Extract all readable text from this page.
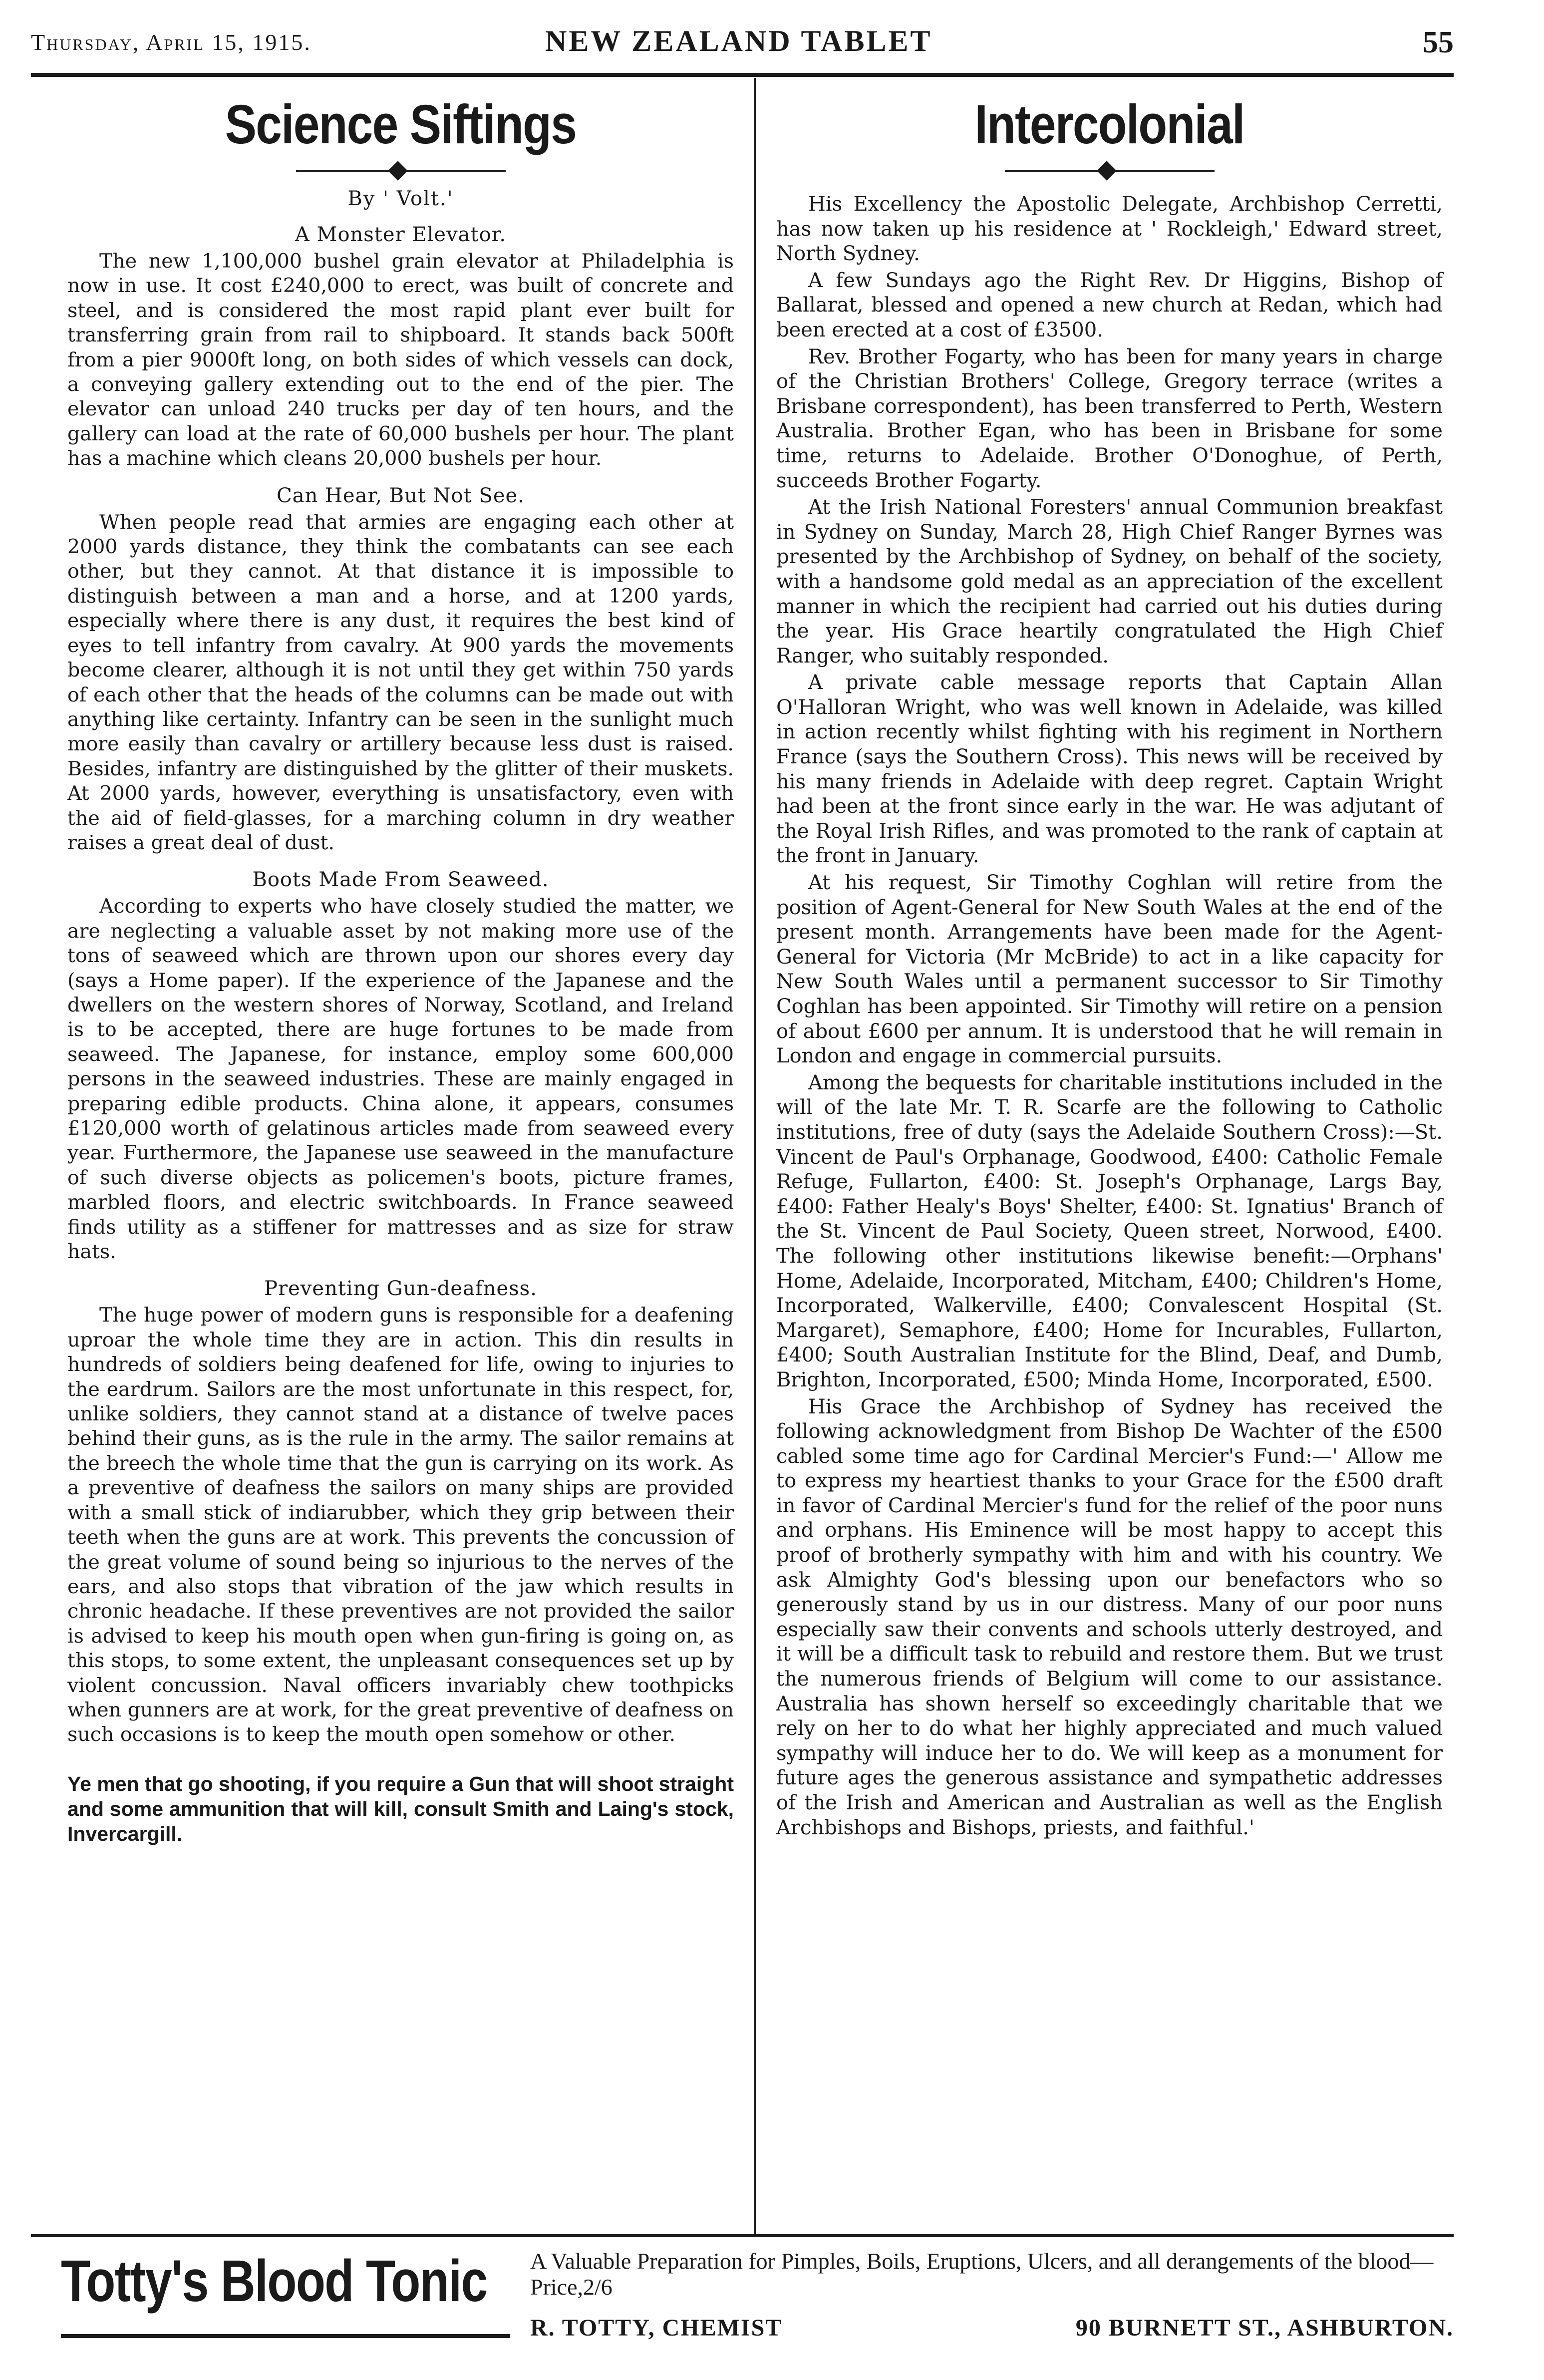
Thursday, April 15, 1915.	NEW ZEALAND TABLET	55
Science Siftings
By ' Volt.'
A Monster Elevator.

The new 1,100,000 bushel grain elevator at Philadelphia is now in use. It cost £240,000 to erect, was built of concrete and steel, and is considered the most rapid plant ever built for transferring grain from rail to shipboard. It stands back 500ft from a pier 9000ft long, on both sides of which vessels can dock, a conveying gallery extending out to the end of the pier. The elevator can unload 240 trucks per day of ten hours, and the gallery can load at the rate of 60,000 bushels per hour. The plant has a machine which cleans 20,000 bushels per hour.

Can Hear, But Not See.

When people read that armies are engaging each other at 2000 yards distance, they think the combatants can see each other, but they cannot. At that distance it is impossible to distinguish between a man and a horse, and at 1200 yards, especially where there is any dust, it requires the best kind of eyes to tell infantry from cavalry. At 900 yards the movements become clearer, although it is not until they get within 750 yards of each other that the heads of the columns can be made out with anything like certainty. Infantry can be seen in the sunlight much more easily than cavalry or artillery because less dust is raised. Besides, infantry are distinguished by the glitter of their muskets. At 2000 yards, however, everything is unsatisfactory, even with the aid of field-glasses, for a marching column in dry weather raises a great deal of dust.

Boots Made From Seaweed.

According to experts who have closely studied the matter, we are neglecting a valuable asset by not making more use of the tons of seaweed which are thrown upon our shores every day (says a Home paper). If the experience of the Japanese and the dwellers on the western shores of Norway, Scotland, and Ireland is to be accepted, there are huge fortunes to be made from seaweed. The Japanese, for instance, employ some 600,000 persons in the seaweed industries. These are mainly engaged in preparing edible products. China alone, it appears, consumes £120,000 worth of gelatinous articles made from seaweed every year. Furthermore, the Japanese use seaweed in the manufacture of such diverse objects as policemen's boots, picture frames, marbled floors, and electric switchboards. In France seaweed finds utility as a stiffener for mattresses and as size for straw hats.

Preventing Gun-deafness.

The huge power of modern guns is responsible for a deafening uproar the whole time they are in action. This din results in hundreds of soldiers being deafened for life, owing to injuries to the eardrum. Sailors are the most unfortunate in this respect, for, unlike soldiers, they cannot stand at a distance of twelve paces behind their guns, as is the rule in the army. The sailor remains at the breech the whole time that the gun is carrying on its work. As a preventive of deafness the sailors on many ships are provided with a small stick of indiarubber, which they grip between their teeth when the guns are at work. This prevents the concussion of the great volume of sound being so injurious to the nerves of the ears, and also stops that vibration of the jaw which results in chronic headache. If these preventives are not provided the sailor is advised to keep his mouth open when gun-firing is going on, as this stops, to some extent, the unpleasant consequences set up by violent concussion. Naval officers invariably chew toothpicks when gunners are at work, for the great preventive of deafness on such occasions is to keep the mouth open somehow or other.

Ye men that go shooting, if you require a Gun that will shoot straight and some ammunition that will kill, consult Smith and Laing's stock, Invercargill.
Intercolonial

His Excellency the Apostolic Delegate, Archbishop Cerretti, has now taken up his residence at ' Rockleigh,' Edward street, North Sydney.

A few Sundays ago the Right Rev. Dr Higgins, Bishop of Ballarat, blessed and opened a new church at Redan, which had been erected at a cost of £3500.

Rev. Brother Fogarty, who has been for many years in charge of the Christian Brothers' College, Gregory terrace (writes a Brisbane correspondent), has been transferred to Perth, Western Australia. Brother Egan, who has been in Brisbane for some time, returns to Adelaide. Brother O'Donoghue, of Perth, succeeds Brother Fogarty.

At the Irish National Foresters' annual Communion breakfast in Sydney on Sunday, March 28, High Chief Ranger Byrnes was presented by the Archbishop of Sydney, on behalf of the society, with a handsome gold medal as an appreciation of the excellent manner in which the recipient had carried out his duties during the year. His Grace heartily congratulated the High Chief Ranger, who suitably responded.

A private cable message reports that Captain Allan O'Halloran Wright, who was well known in Adelaide, was killed in action recently whilst fighting with his regiment in Northern France (says the Southern Cross). This news will be received by his many friends in Adelaide with deep regret. Captain Wright had been at the front since early in the war. He was adjutant of the Royal Irish Rifles, and was promoted to the rank of captain at the front in January.

At his request, Sir Timothy Coghlan will retire from the position of Agent-General for New South Wales at the end of the present month. Arrangements have been made for the Agent-General for Victoria (Mr McBride) to act in a like capacity for New South Wales until a permanent successor to Sir Timothy Coghlan has been appointed. Sir Timothy will retire on a pension of about £600 per annum. It is understood that he will remain in London and engage in commercial pursuits.

Among the bequests for charitable institutions included in the will of the late Mr. T. R. Scarfe are the following to Catholic institutions, free of duty (says the Adelaide Southern Cross):—St. Vincent de Paul's Orphanage, Goodwood, £400: Catholic Female Refuge, Fullarton, £400: St. Joseph's Orphanage, Largs Bay, £400: Father Healy's Boys' Shelter, £400: St. Ignatius' Branch of the St. Vincent de Paul Society, Queen street, Norwood, £400. The following other institutions likewise benefit:—Orphans' Home, Adelaide, Incorporated, Mitcham, £400; Children's Home, Incorporated, Walkerville, £400; Convalescent Hospital (St. Margaret), Semaphore, £400; Home for Incurables, Fullarton, £400; South Australian Institute for the Blind, Deaf, and Dumb, Brighton, Incorporated, £500; Minda Home, Incorporated, £500.

His Grace the Archbishop of Sydney has received the following acknowledgment from Bishop De Wachter of the £500 cabled some time ago for Cardinal Mercier's Fund:—' Allow me to express my heartiest thanks to your Grace for the £500 draft in favor of Cardinal Mercier's fund for the relief of the poor nuns and orphans. His Eminence will be most happy to accept this proof of brotherly sympathy with him and with his country. We ask Almighty God's blessing upon our benefactors who so generously stand by us in our distress. Many of our poor nuns especially saw their convents and schools utterly destroyed, and it will be a difficult task to rebuild and restore them. But we trust the numerous friends of Belgium will come to our assistance. Australia has shown herself so exceedingly charitable that we rely on her to do what her highly appreciated and much valued sympathy will induce her to do. We will keep as a monument for future ages the generous assistance and sympathetic addresses of the Irish and American and Australian as well as the English Archbishops and Bishops, priests, and faithful.'

Totty's Blood Tonic A Valuable Preparation for Pimples, Boils, Eruptions, Ulcers, and all derangements of the blood—Price,2/6
R. TOTTY, CHEMIST	90 BURNETT ST., ASHBURTON.
